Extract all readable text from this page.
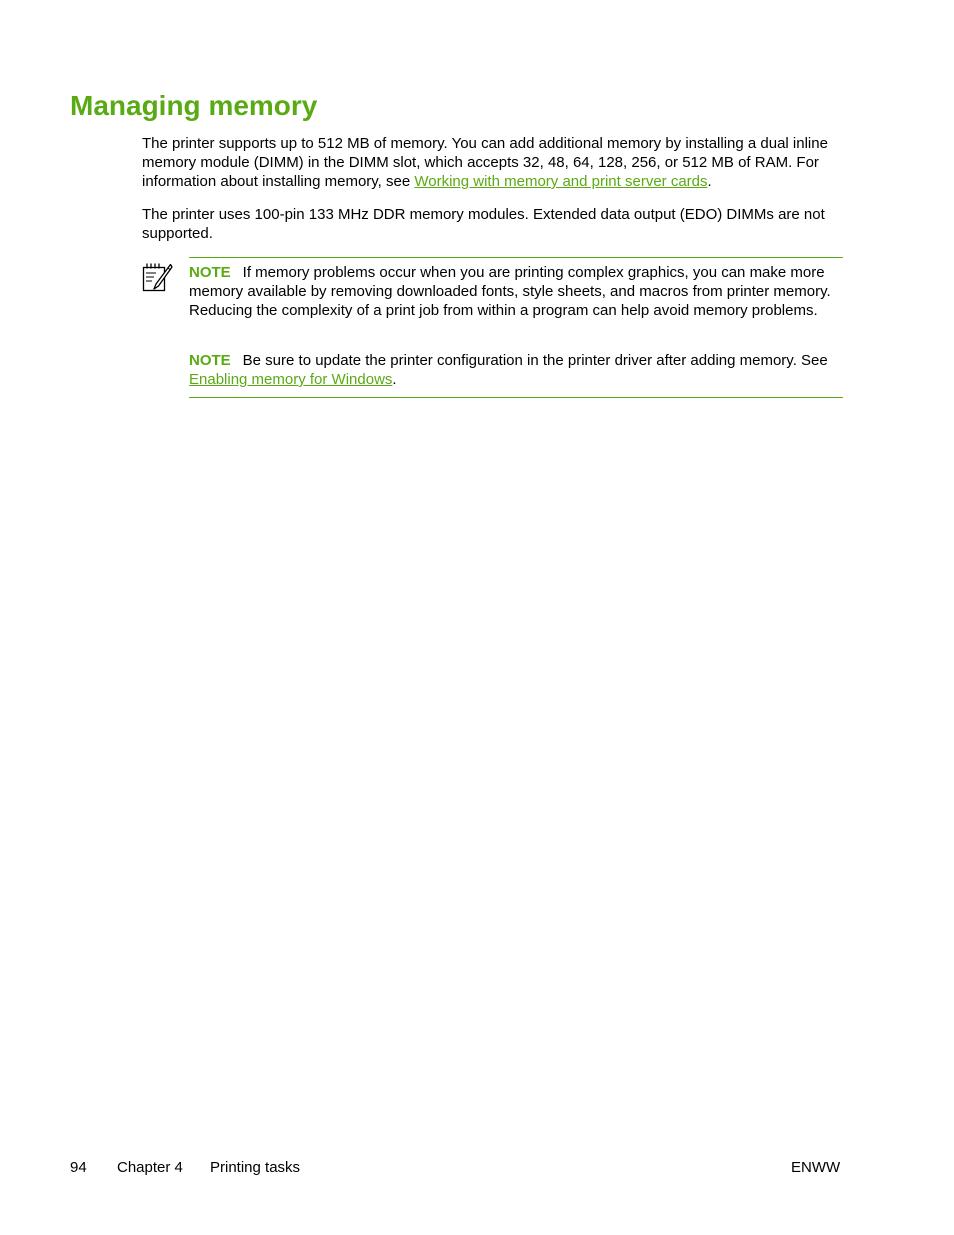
Managing memory

The printer supports up to 512 MB of memory. You can add additional memory by installing a dual inline memory module (DIMM) in the DIMM slot, which accepts 32, 48, 64, 128, 256, or 512 MB of RAM. For information about installing memory, see Working with memory and print server cards.

The printer uses 100-pin 133 MHz DDR memory modules. Extended data output (EDO) DIMMs are not supported.

NOTE If memory problems occur when you are printing complex graphics, you can make more memory available by removing downloaded fonts, style sheets, and macros from printer memory. Reducing the complexity of a print job from within a program can help avoid memory problems.

NOTE Be sure to update the printer configuration in the printer driver after adding memory. See Enabling memory for Windows.

94 Chapter 4 Printing tasks	ENWW
